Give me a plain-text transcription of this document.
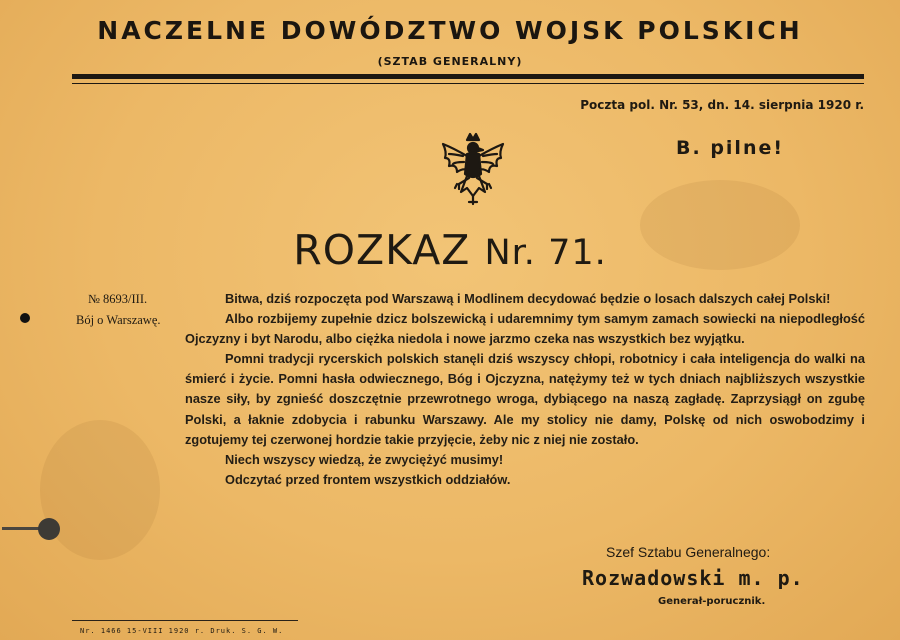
NACZELNE DOWÓDZTWO WOJSK POLSKICH
(SZTAB GENERALNY)
Poczta pol. Nr. 53, dn. 14. sierpnia 1920 r.
B. pilne!
ROZKAZ Nr. 71.
№ 8693/III.
Bój o Warszawę.

Bitwa, dziś rozpoczęta pod Warszawą i Modlinem decydować będzie o losach dalszych całej Polski!

Albo rozbijemy zupełnie dzicz bolszewicką i udaremnimy tym samym zamach sowiecki na niepodległość Ojczyzny i byt Narodu, albo ciężka niedola i nowe jarzmo czeka nas wszystkich bez wyjątku.

Pomni tradycji rycerskich polskich stanęli dziś wszyscy chłopi, robotnicy i cała inteligencja do walki na śmierć i życie. Pomni hasła odwiecznego, Bóg i Ojczyzna, natężymy też w tych dniach najbliższych wszystkie nasze siły, by zgnieść doszczętnie przewrotnego wroga, dybiącego na naszą zagładę. Zaprzysiągł on zgubę Polski, a łaknie zdobycia i rabunku Warszawy. Ale my stolicy nie damy, Polskę od nich oswobodzimy i zgotujemy tej czerwonej hordzie takie przyjęcie, żeby nic z niej nie zostało.

Niech wszyscy wiedzą, że zwyciężyć musimy!

Odczytać przed frontem wszystkich oddziałów.

Szef Sztabu Generalnego:
Rozwadowski m. p.
Generał-porucznik.
Nr. 1466 15-VIII 1920 r. Druk. S. G. W.
